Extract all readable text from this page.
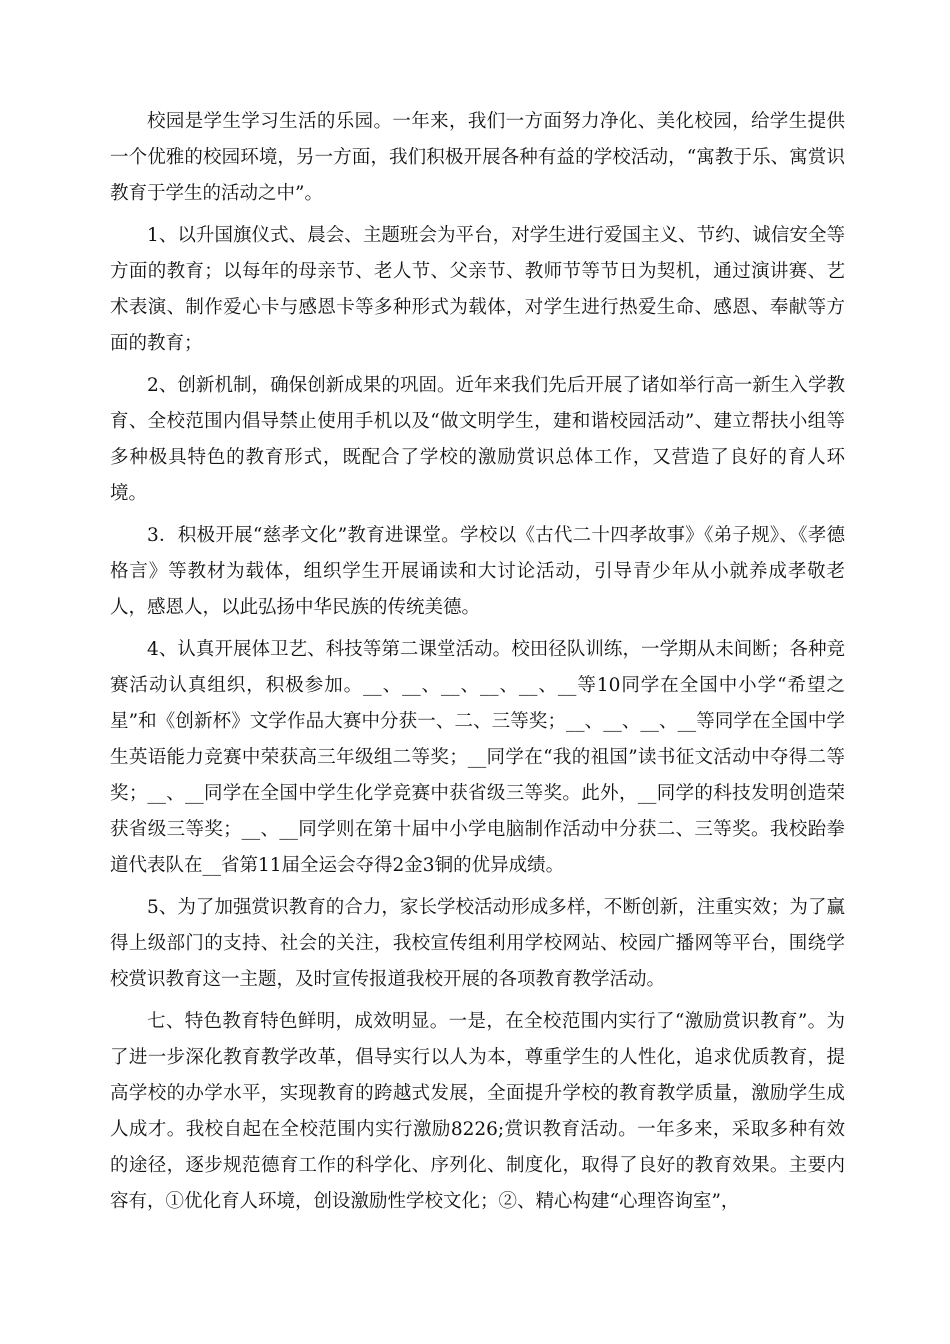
校园是学生学习生活的乐园。一年来，我们一方面努力净化、美化校园，给学生提供一个优雅的校园环境，另一方面，我们积极开展各种有益的学校活动，“寓教于乐、寓赏识教育于学生的活动之中”。

1、以升国旗仪式、晨会、主题班会为平台，对学生进行爱国主义、节约、诚信安全等方面的教育；以每年的母亲节、老人节、父亲节、教师节等节日为契机，通过演讲赛、艺术表演、制作爱心卡与感恩卡等多种形式为载体，对学生进行热爱生命、感恩、奉献等方面的教育；

2、创新机制，确保创新成果的巩固。近年来我们先后开展了诸如举行高一新生入学教育、全校范围内倡导禁止使用手机以及“做文明学生，建和谐校园活动”、建立帮扶小组等多种极具特色的教育形式，既配合了学校的激励赏识总体工作，又营造了良好的育人环境。

3．积极开展“慈孝文化”教育进课堂。学校以《古代二十四孝故事》《弟子规》、《孝德格言》等教材为载体，组织学生开展诵读和大讨论活动，引导青少年从小就养成孝敬老人，感恩人，以此弘扬中华民族的传统美德。

4、认真开展体卫艺、科技等第二课堂活动。校田径队训练，一学期从未间断；各种竞赛活动认真组织，积极参加。__、__、__、__、__、__等10同学在全国中小学“希望之星”和《创新杯》文学作品大赛中分获一、二、三等奖；__、__、__、__等同学在全国中学生英语能力竞赛中荣获高三年级组二等奖；__同学在“我的祖国”读书征文活动中夺得二等奖；__、__同学在全国中学生化学竞赛中获省级三等奖。此外，__同学的科技发明创造荣获省级三等奖；__、__同学则在第十届中小学电脑制作活动中分获二、三等奖。我校跆拳道代表队在__省第11届全运会夺得2金3铜的优异成绩。

5、为了加强赏识教育的合力，家长学校活动形成多样，不断创新，注重实效；为了赢得上级部门的支持、社会的关注，我校宣传组利用学校网站、校园广播网等平台，围绕学校赏识教育这一主题，及时宣传报道我校开展的各项教育教学活动。

七、特色教育特色鲜明，成效明显。一是，在全校范围内实行了“激励赏识教育”。为了进一步深化教育教学改革，倡导实行以人为本，尊重学生的人性化，追求优质教育，提高学校的办学水平，实现教育的跨越式发展，全面提升学校的教育教学质量，激励学生成人成才。我校自起在全校范围内实行激励8226;赏识教育活动。一年多来，采取多种有效的途径，逐步规范德育工作的科学化、序列化、制度化，取得了良好的教育效果。主要内容有，①优化育人环境，创设激励性学校文化；②、精心构建“心理咨询室”，
